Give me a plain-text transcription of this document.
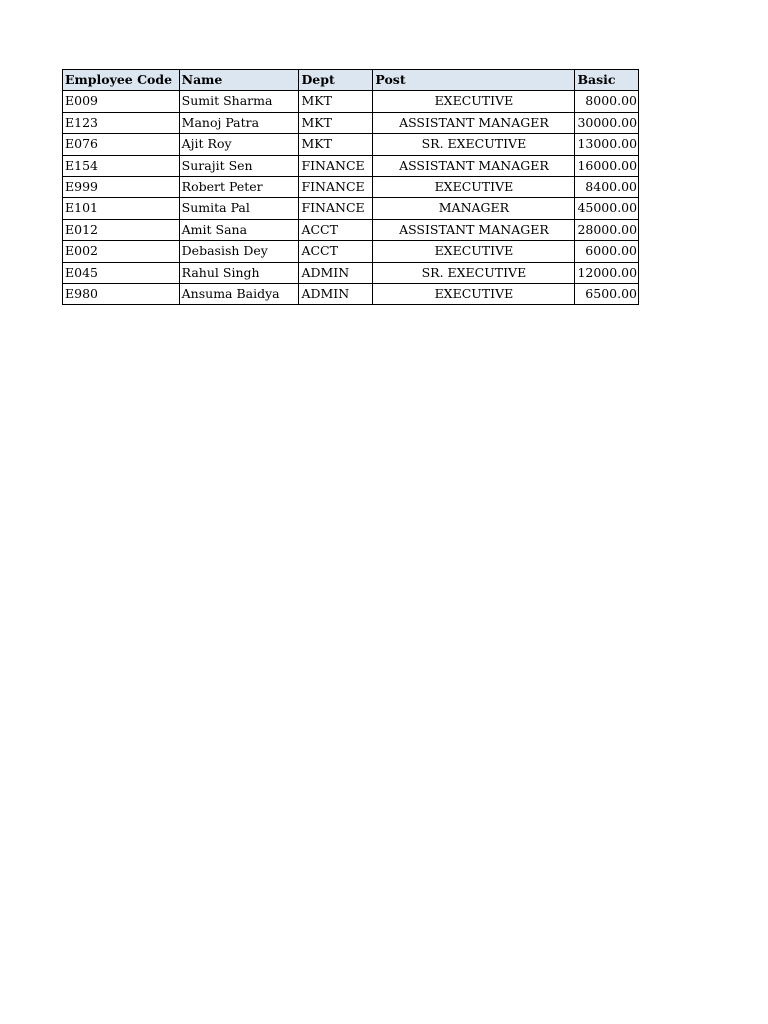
Employee Code	Name	Dept	Post	Basic
E009	Sumit Sharma	MKT	EXECUTIVE	8000.00
E123	Manoj Patra	MKT	ASSISTANT MANAGER	30000.00
E076	Ajit Roy	MKT	SR. EXECUTIVE	13000.00
E154	Surajit Sen	FINANCE	ASSISTANT MANAGER	16000.00
E999	Robert Peter	FINANCE	EXECUTIVE	8400.00
E101	Sumita Pal	FINANCE	MANAGER	45000.00
E012	Amit Sana	ACCT	ASSISTANT MANAGER	28000.00
E002	Debasish Dey	ACCT	EXECUTIVE	6000.00
E045	Rahul Singh	ADMIN	SR. EXECUTIVE	12000.00
E980	Ansuma Baidya	ADMIN	EXECUTIVE	6500.00
